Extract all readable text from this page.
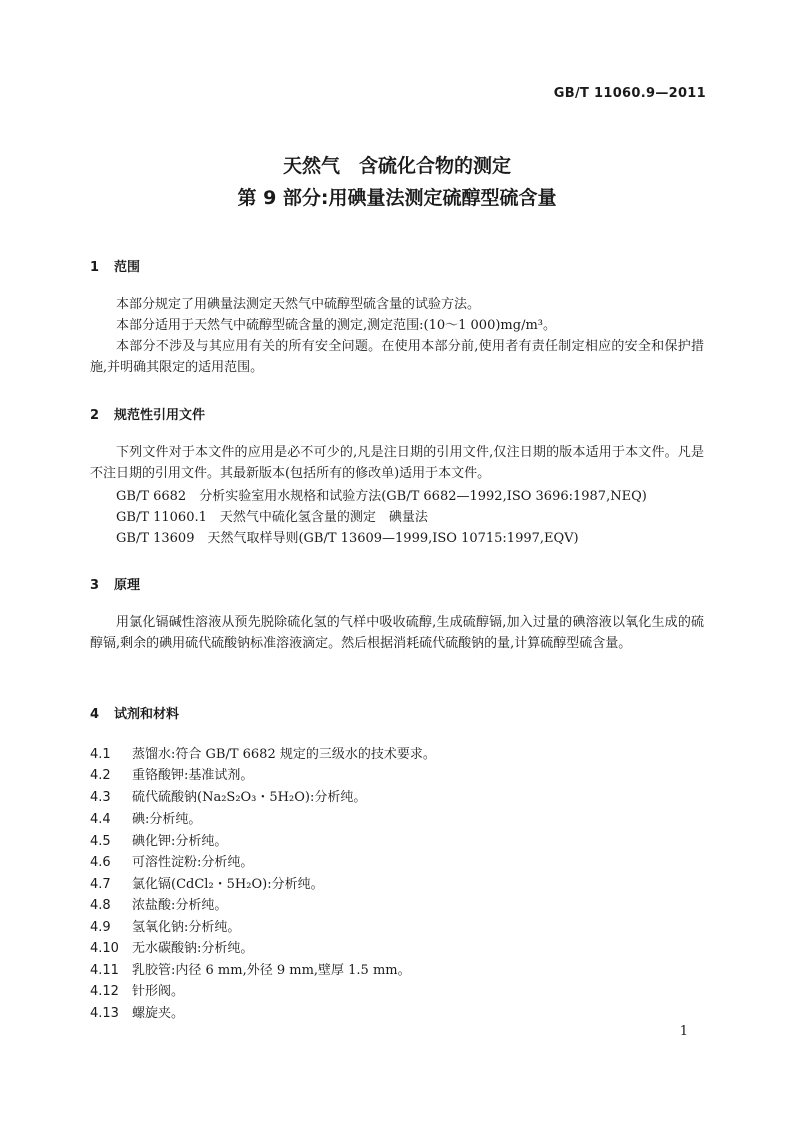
GB/T 11060.9—2011
天然气　含硫化合物的测定
第 9 部分:用碘量法测定硫醇型硫含量
1 范围
本部分规定了用碘量法测定天然气中硫醇型硫含量的试验方法。
本部分适用于天然气中硫醇型硫含量的测定,测定范围:(10～1 000)mg/m³。
本部分不涉及与其应用有关的所有安全问题。在使用本部分前,使用者有责任制定相应的安全和保护措施,并明确其限定的适用范围。
2 规范性引用文件
下列文件对于本文件的应用是必不可少的,凡是注日期的引用文件,仅注日期的版本适用于本文件。凡是不注日期的引用文件。其最新版本(包括所有的修改单)适用于本文件。
GB/T 6682　分析实验室用水规格和试验方法(GB/T 6682—1992,ISO 3696:1987,NEQ)
GB/T 11060.1　天然气中硫化氢含量的测定　碘量法
GB/T 13609　天然气取样导则(GB/T 13609—1999,ISO 10715:1997,EQV)
3 原理
用氯化镉碱性溶液从预先脱除硫化氢的气样中吸收硫醇,生成硫醇镉,加入过量的碘溶液以氧化生成的硫醇镉,剩余的碘用硫代硫酸钠标准溶液滴定。然后根据消耗硫代硫酸钠的量,计算硫醇型硫含量。
4 试剂和材料
4.1 蒸馏水:符合 GB/T 6682 规定的三级水的技术要求。
4.2 重铬酸钾:基准试剂。
4.3 硫代硫酸钠(Na₂S₂O₃・5H₂O):分析纯。
4.4 碘:分析纯。
4.5 碘化钾:分析纯。
4.6 可溶性淀粉:分析纯。
4.7 氯化镉(CdCl₂・5H₂O):分析纯。
4.8 浓盐酸:分析纯。
4.9 氢氧化钠:分析纯。
4.10 无水碳酸钠:分析纯。
4.11 乳胶管:内径 6 mm,外径 9 mm,壁厚 1.5 mm。
4.12 针形阀。
4.13 螺旋夹。
1
